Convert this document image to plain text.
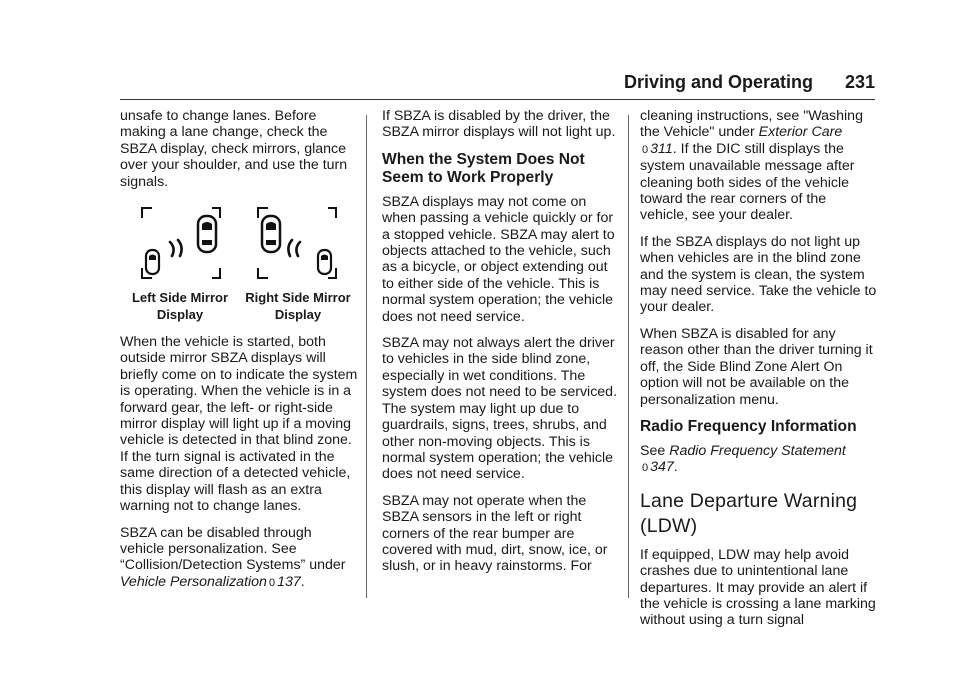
Driving and Operating 231

unsafe to change lanes. Before making a lane change, check the SBZA display, check mirrors, glance over your shoulder, and use the turn signals.

Left Side Mirror Display
Right Side Mirror Display

When the vehicle is started, both outside mirror SBZA displays will briefly come on to indicate the system is operating. When the vehicle is in a forward gear, the left- or right-side mirror display will light up if a moving vehicle is detected in that blind zone. If the turn signal is activated in the same direction of a detected vehicle, this display will flash as an extra warning not to change lanes.

SBZA can be disabled through vehicle personalization. See “Collision/Detection Systems” under Vehicle Personalization 0 137.

If SBZA is disabled by the driver, the SBZA mirror displays will not light up.

When the System Does Not Seem to Work Properly

SBZA displays may not come on when passing a vehicle quickly or for a stopped vehicle. SBZA may alert to objects attached to the vehicle, such as a bicycle, or object extending out to either side of the vehicle. This is normal system operation; the vehicle does not need service.

SBZA may not always alert the driver to vehicles in the side blind zone, especially in wet conditions. The system does not need to be serviced. The system may light up due to guardrails, signs, trees, shrubs, and other non-moving objects. This is normal system operation; the vehicle does not need service.

SBZA may not operate when the SBZA sensors in the left or right corners of the rear bumper are covered with mud, dirt, snow, ice, or slush, or in heavy rainstorms. For

cleaning instructions, see "Washing the Vehicle" under Exterior Care 0 311. If the DIC still displays the system unavailable message after cleaning both sides of the vehicle toward the rear corners of the vehicle, see your dealer.

If the SBZA displays do not light up when vehicles are in the blind zone and the system is clean, the system may need service. Take the vehicle to your dealer.

When SBZA is disabled for any reason other than the driver turning it off, the Side Blind Zone Alert On option will not be available on the personalization menu.

Radio Frequency Information

See Radio Frequency Statement 0 347.

Lane Departure Warning (LDW)

If equipped, LDW may help avoid crashes due to unintentional lane departures. It may provide an alert if the vehicle is crossing a lane marking without using a turn signal
